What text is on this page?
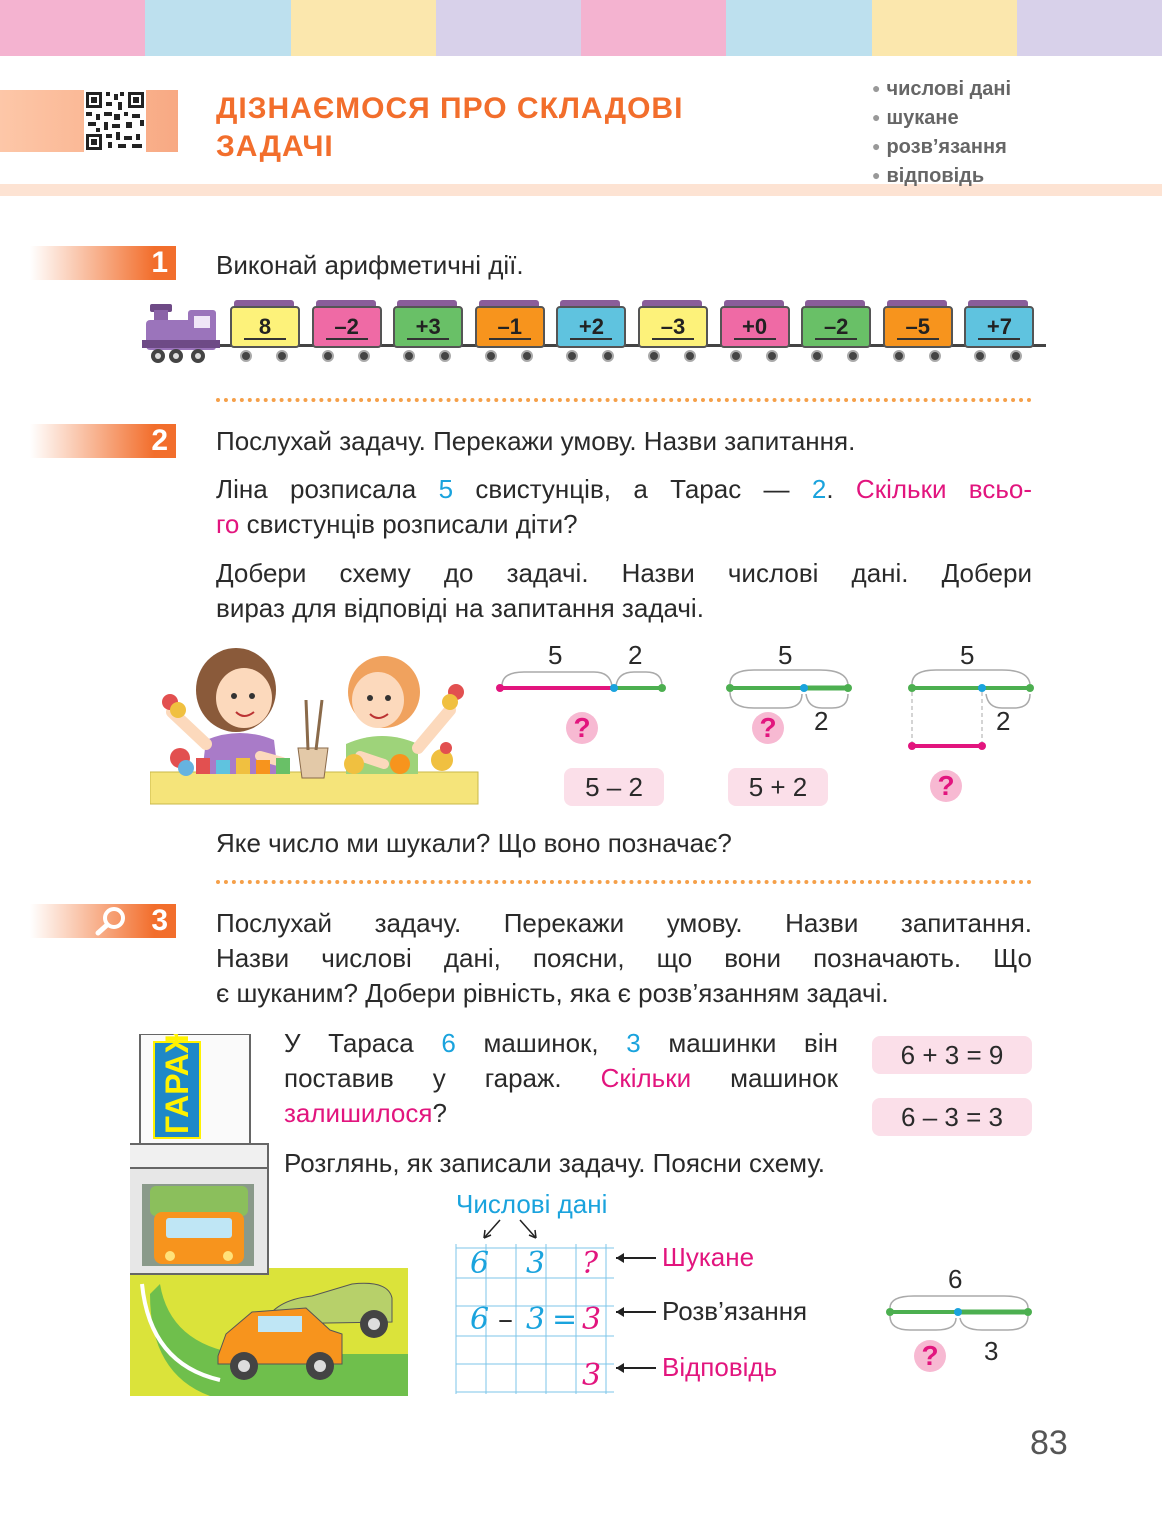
ДІЗНАЄМОСЯ ПРО СКЛАДОВІ
ЗАДАЧІ
● числові дані
● шукане
● розв’язання
● відповідь
1 Виконай арифметичні дії.
8	–2	+3	–1	+2	–3	+0	–2	–5	+7
2 Послухай задачу. Перекажи умову. Назви запитання.
Ліна розписала 5 свистунців, а Тарас — 2. Скільки всьо-
го свистунців розписали діти?
Добери схему до задачі. Назви числові дані. Добери
вираз для відповіді на запитання задачі.
5	2
?
5
2
?
5
2
?
5 – 2	5 + 2
Яке число ми шукали? Що воно позначає?
3 Послухай задачу. Перекажи умову. Назви запитання.
Назви числові дані, поясни, що вони позначають. Що
є шуканим? Добери рівність, яка є розв’язанням задачі.
ГАРАЖ	У Тараса 6 машинок, 3 машинки він
поставив у гараж. Скільки машинок
залишилося?
6 + 3 = 9
6 – 3 = 3
Розглянь, як записали задачу. Поясни схему.
Числові дані
6 3 ?
6 – 3 = 3
3
Шукане
Розв’язання
Відповідь
6
3
?
83
